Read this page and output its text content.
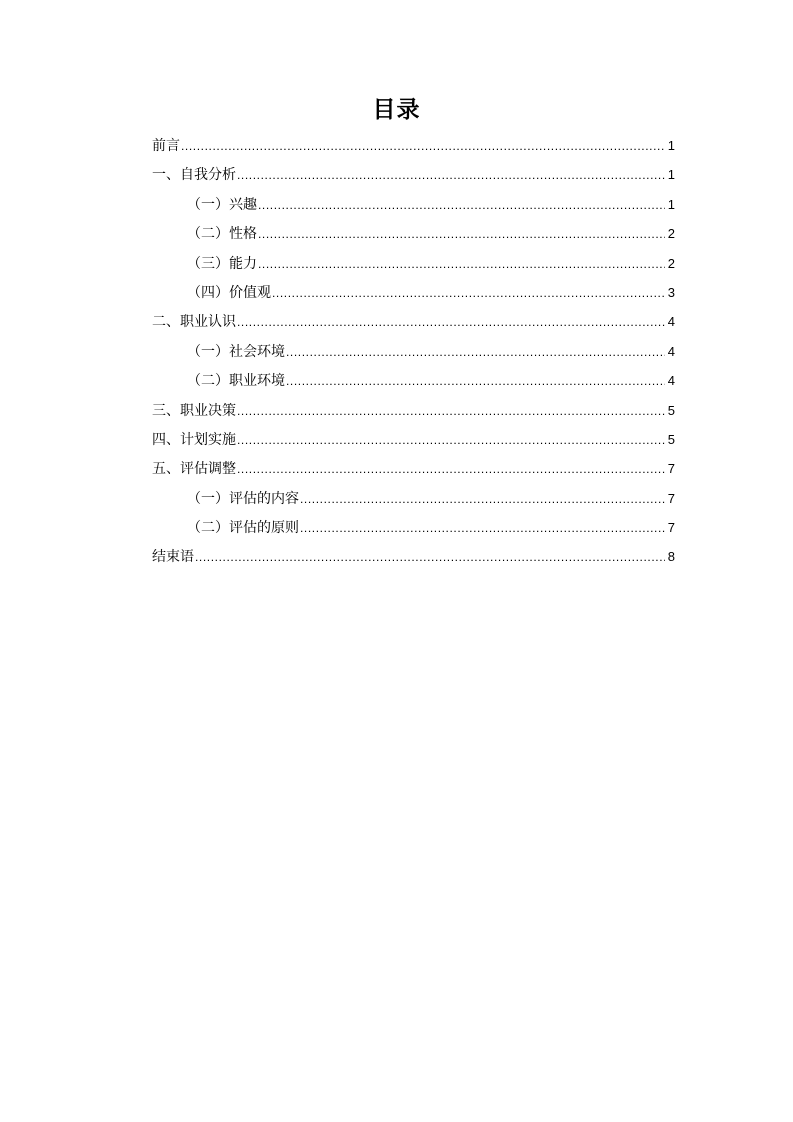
目录
前言 .....	1
一、自我分析 .....	1
（一）兴趣 .....	1
（二）性格 .....	2
（三）能力 .....	2
（四）价值观 .....	3
二、职业认识 .....	4
（一）社会环境 .....	4
（二）职业环境 .....	4
三、职业决策 .....	5
四、计划实施 .....	5
五、评估调整 .....	7
（一）评估的内容 .....	7
（二）评估的原则 .....	7
结束语 .....	8
